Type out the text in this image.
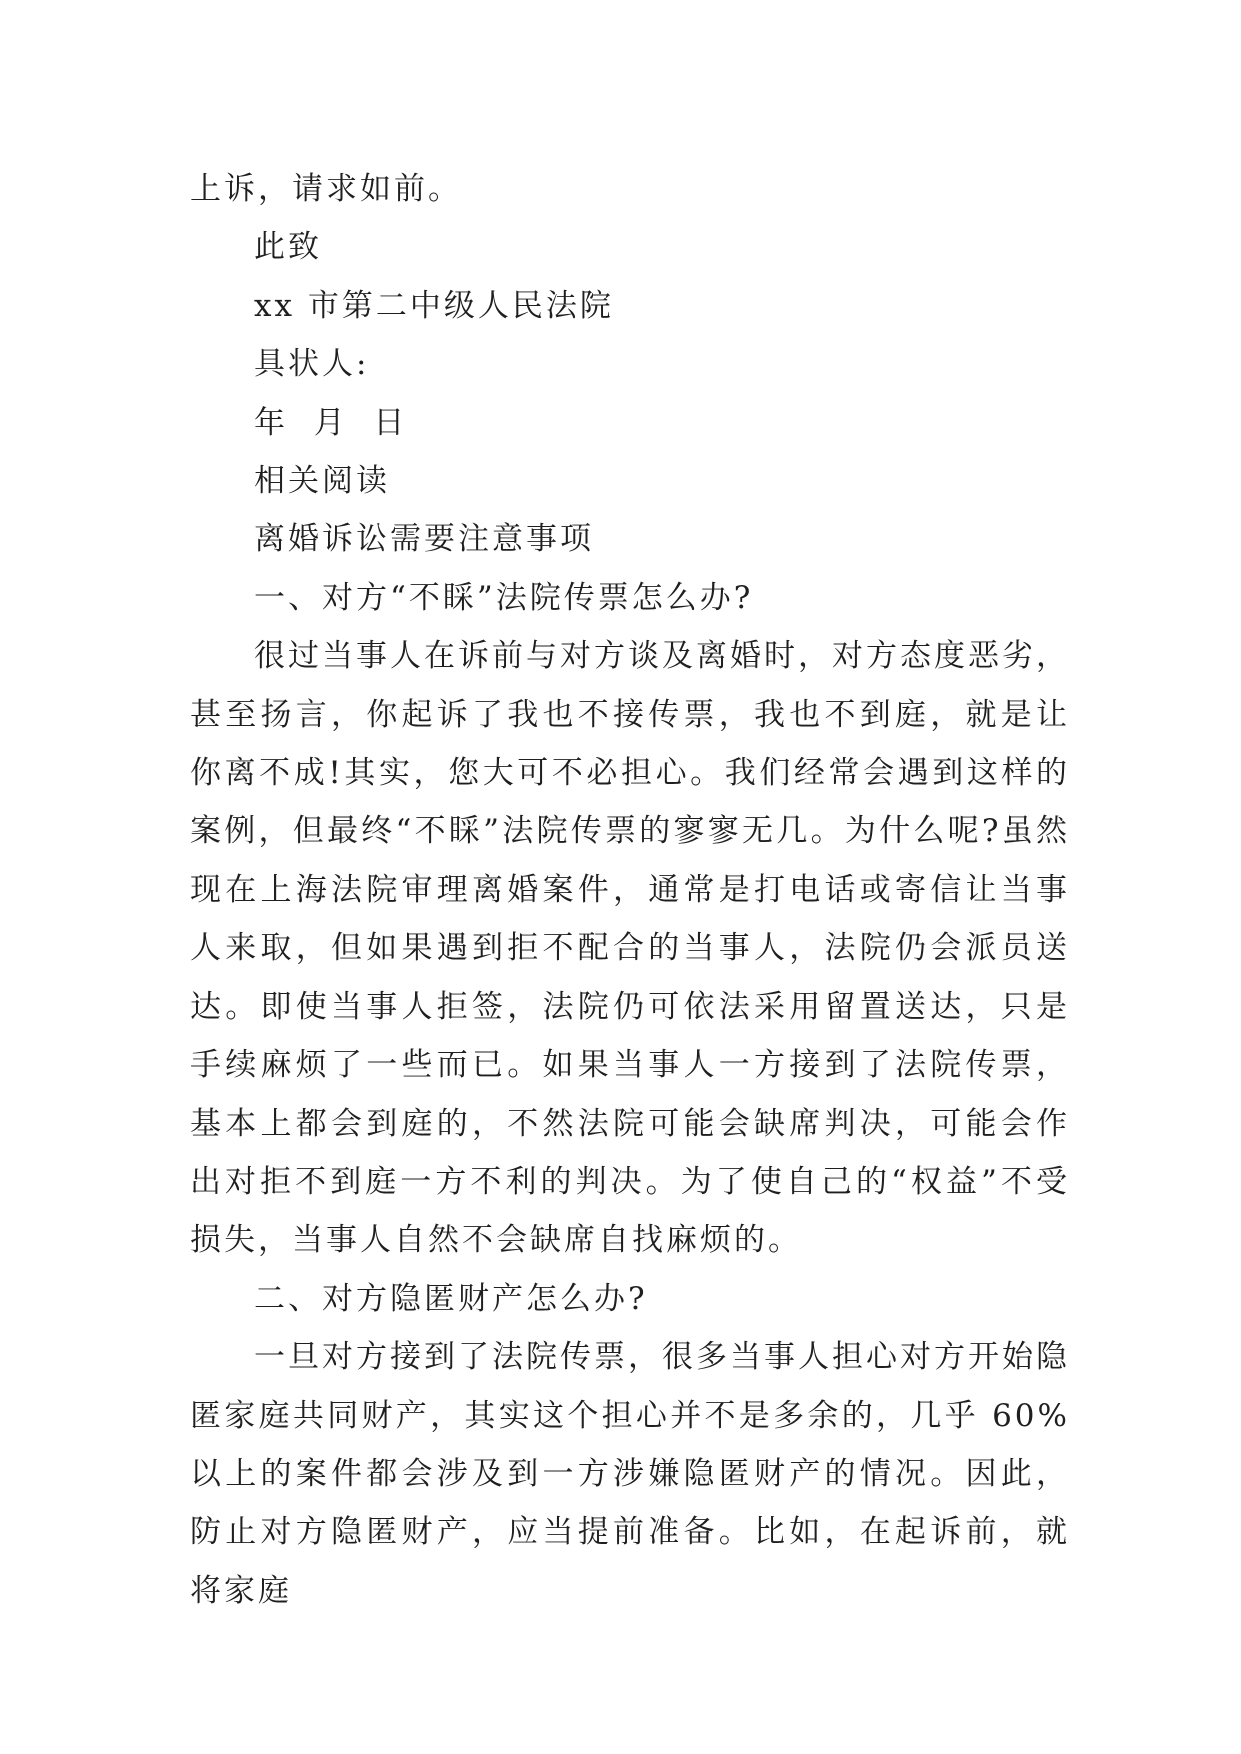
上诉，请求如前。

此致

xx 市第二中级人民法院

具状人:

年  月  日

相关阅读

离婚诉讼需要注意事项

一、对方“不睬”法院传票怎么办?

很过当事人在诉前与对方谈及离婚时，对方态度恶劣，甚至扬言，你起诉了我也不接传票，我也不到庭，就是让你离不成!其实，您大可不必担心。我们经常会遇到这样的案例，但最终“不睬”法院传票的寥寥无几。为什么呢?虽然现在上海法院审理离婚案件，通常是打电话或寄信让当事人来取，但如果遇到拒不配合的当事人，法院仍会派员送达。即使当事人拒签，法院仍可依法采用留置送达，只是手续麻烦了一些而已。如果当事人一方接到了法院传票，基本上都会到庭的，不然法院可能会缺席判决，可能会作出对拒不到庭一方不利的判决。为了使自己的“权益”不受损失，当事人自然不会缺席自找麻烦的。

二、对方隐匿财产怎么办?

一旦对方接到了法院传票，很多当事人担心对方开始隐匿家庭共同财产，其实这个担心并不是多余的，几乎 60%以上的案件都会涉及到一方涉嫌隐匿财产的情况。因此，防止对方隐匿财产，应当提前准备。比如，在起诉前，就将家庭
